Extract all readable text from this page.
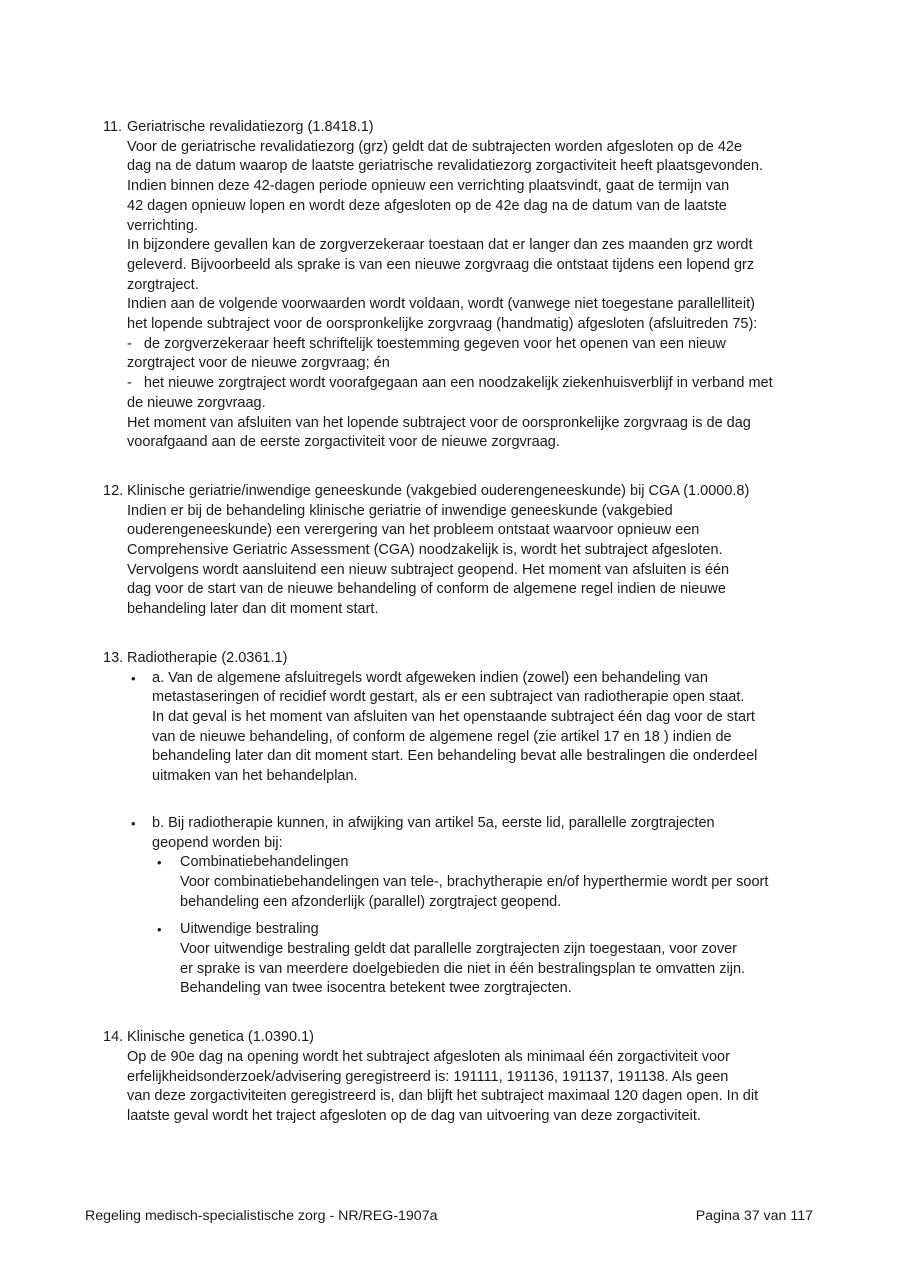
11. Geriatrische revalidatiezorg (1.8418.1)
Voor de geriatrische revalidatiezorg (grz) geldt dat de subtrajecten worden afgesloten op de 42e
dag na de datum waarop de laatste geriatrische revalidatiezorg zorgactiviteit heeft plaatsgevonden.
Indien binnen deze 42-dagen periode opnieuw een verrichting plaatsvindt, gaat de termijn van
42 dagen opnieuw lopen en wordt deze afgesloten op de 42e dag na de datum van de laatste
verrichting.
In bijzondere gevallen kan de zorgverzekeraar toestaan dat er langer dan zes maanden grz wordt
geleverd. Bijvoorbeeld als sprake is van een nieuwe zorgvraag die ontstaat tijdens een lopend grz
zorgtraject.
Indien aan de volgende voorwaarden wordt voldaan, wordt (vanwege niet toegestane parallelliteit)
het lopende subtraject voor de oorspronkelijke zorgvraag (handmatig) afgesloten (afsluitreden 75):
-   de zorgverzekeraar heeft schriftelijk toestemming gegeven voor het openen van een nieuw
zorgtraject voor de nieuwe zorgvraag; én
-   het nieuwe zorgtraject wordt voorafgegaan aan een noodzakelijk ziekenhuisverblijf in verband met
de nieuwe zorgvraag.
Het moment van afsluiten van het lopende subtraject voor de oorspronkelijke zorgvraag is de dag
voorafgaand aan de eerste zorgactiviteit voor de nieuwe zorgvraag.
12. Klinische geriatrie/inwendige geneeskunde (vakgebied ouderengeneeskunde) bij CGA (1.0000.8)
Indien er bij de behandeling klinische geriatrie of inwendige geneeskunde (vakgebied
ouderengeneeskunde) een verergering van het probleem ontstaat waarvoor opnieuw een
Comprehensive Geriatric Assessment (CGA) noodzakelijk is, wordt het subtraject afgesloten.
Vervolgens wordt aansluitend een nieuw subtraject geopend. Het moment van afsluiten is één
dag voor de start van de nieuwe behandeling of conform de algemene regel indien de nieuwe
behandeling later dan dit moment start.
13. Radiotherapie (2.0361.1)
• a. Van de algemene afsluitregels wordt afgeweken indien (zowel) een behandeling van
metastaseringen of recidief wordt gestart, als er een subtraject van radiotherapie open staat.
In dat geval is het moment van afsluiten van het openstaande subtraject één dag voor de start
van de nieuwe behandeling, of conform de algemene regel (zie artikel 17 en 18 ) indien de
behandeling later dan dit moment start. Een behandeling bevat alle bestralingen die onderdeel
uitmaken van het behandelplan.
• b. Bij radiotherapie kunnen, in afwijking van artikel 5a, eerste lid, parallelle zorgtrajecten
geopend worden bij:
• Combinatiebehandelingen
Voor combinatiebehandelingen van tele-, brachytherapie en/of hyperthermie wordt per soort
behandeling een afzonderlijk (parallel) zorgtraject geopend.
• Uitwendige bestraling
Voor uitwendige bestraling geldt dat parallelle zorgtrajecten zijn toegestaan, voor zover
er sprake is van meerdere doelgebieden die niet in één bestralingsplan te omvatten zijn.
Behandeling van twee isocentra betekent twee zorgtrajecten.
14. Klinische genetica (1.0390.1)
Op de 90e dag na opening wordt het subtraject afgesloten als minimaal één zorgactiviteit voor
erfelijkheidsonderzoek/advisering geregistreerd is: 191111, 191136, 191137, 191138. Als geen
van deze zorgactiviteiten geregistreerd is, dan blijft het subtraject maximaal 120 dagen open. In dit
laatste geval wordt het traject afgesloten op de dag van uitvoering van deze zorgactiviteit.
Regeling medisch-specialistische zorg - NR/REG-1907a	Pagina 37 van 117
